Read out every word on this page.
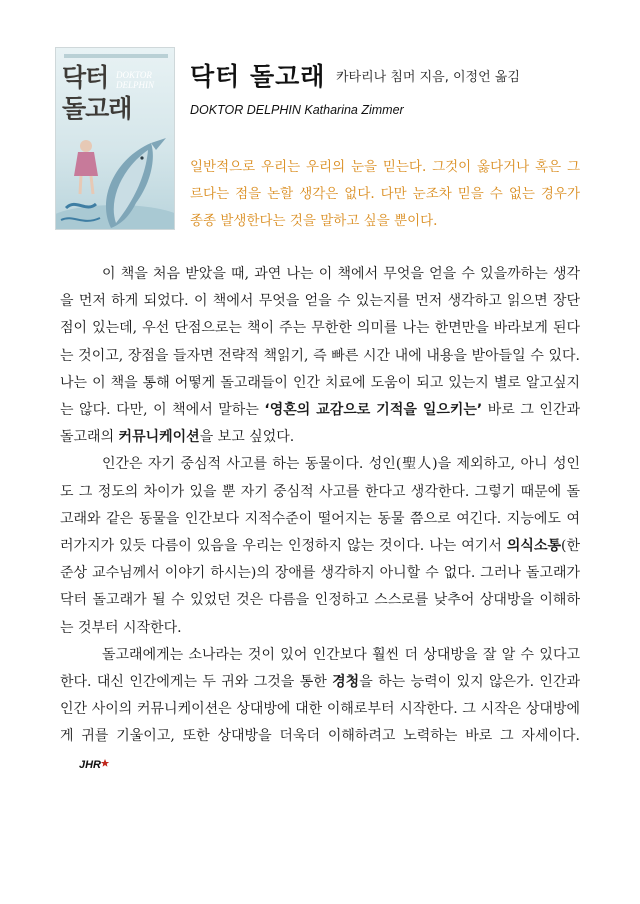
닥터
돌고래
DOKTOR DELPHIN	닥터 돌고래 카타리나 침머 지음, 이정언 옮김
DOKTOR DELPHIN Katharina Zimmer
일반적으로 우리는 우리의 눈을 믿는다. 그것이 옳다거나 혹은 그르다는 점을 논할 생각은 없다. 다만 눈조차 믿을 수 없는 경우가 종종 발생한다는 것을 말하고 싶을 뿐이다.

이 책을 처음 받았을 때, 과연 나는 이 책에서 무엇을 얻을 수 있을까하는 생각을 먼저 하게 되었다. 이 책에서 무엇을 얻을 수 있는지를 먼저 생각하고 읽으면 장단점이 있는데, 우선 단점으로는 책이 주는 무한한 의미를 나는 한면만을 바라보게 된다는 것이고, 장점을 들자면 전략적 책읽기, 즉 빠른 시간 내에 내용을 받아들일 수 있다. 나는 이 책을 통해 어떻게 돌고래들이 인간 치료에 도움이 되고 있는지 별로 알고싶지는 않다. 다만, 이 책에서 말하는 ‘영혼의 교감으로 기적을 일으키는’ 바로 그 인간과 돌고래의 커뮤니케이션을 보고 싶었다.

인간은 자기 중심적 사고를 하는 동물이다. 성인(聖人)을 제외하고, 아니 성인도 그 정도의 차이가 있을 뿐 자기 중심적 사고를 한다고 생각한다. 그렇기 때문에 돌고래와 같은 동물을 인간보다 지적수준이 떨어지는 동물 쯤으로 여긴다. 지능에도 여러가지가 있듯 다름이 있음을 우리는 인정하지 않는 것이다. 나는 여기서 의식소통(한준상 교수님께서 이야기 하시는)의 장애를 생각하지 아니할 수 없다. 그러나 돌고래가 닥터 돌고래가 될 수 있었던 것은 다름을 인정하고 스스로를 낮추어 상대방을 이해하는 것부터 시작한다.

돌고래에게는 소나라는 것이 있어 인간보다 훨씬 더 상대방을 잘 알 수 있다고 한다. 대신 인간에게는 두 귀와 그것을 통한 경청을 하는 능력이 있지 않은가. 인간과 인간 사이의 커뮤니케이션은 상대방에 대한 이해로부터 시작한다. 그 시작은 상대방에게 귀를 기울이고, 또한 상대방을 더욱더 이해하려고 노력하는 바로 그 자세이다.
JHR
